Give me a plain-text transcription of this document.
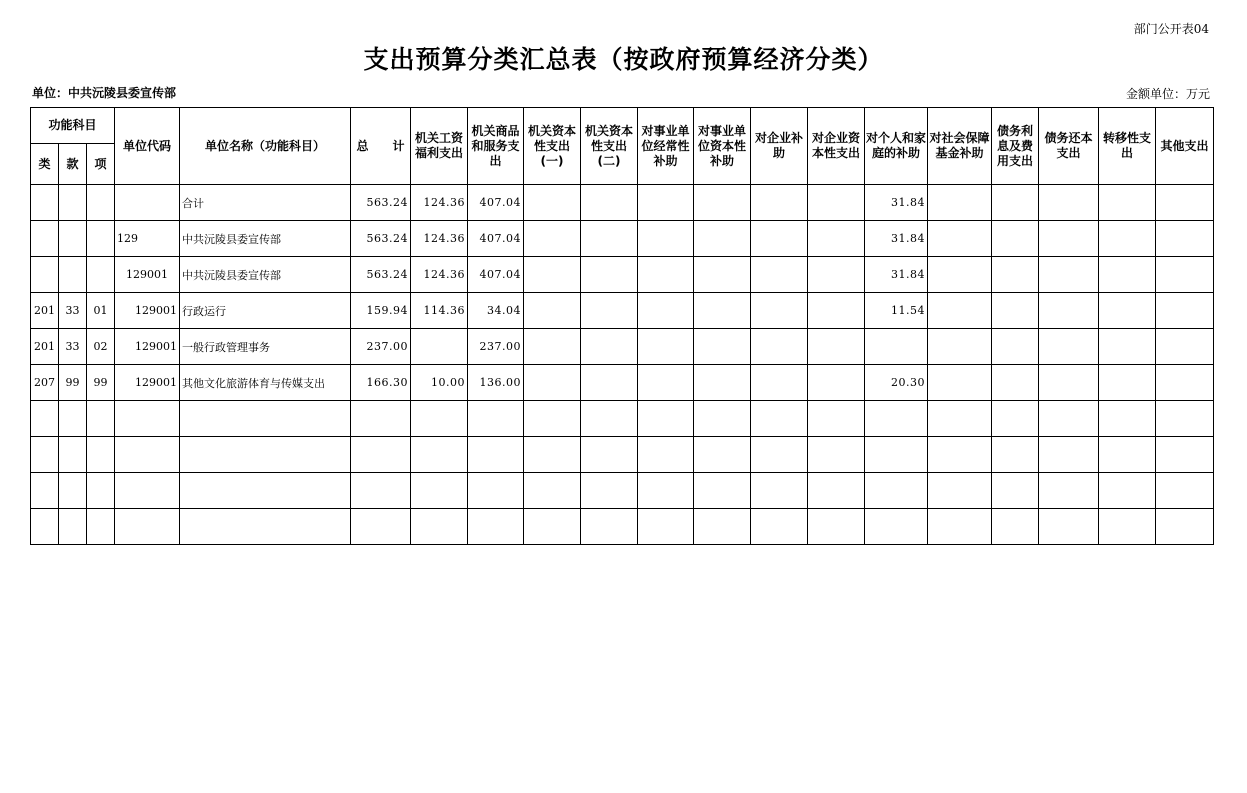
部门公开表04
支出预算分类汇总表（按政府预算经济分类）
单位：中共沅陵县委宣传部	金额单位：万元
功能科目			单位代码	单位名称（功能科目）	总　　计	机关工资福利支出	机关商品和服务支出	机关资本性支出(一)	机关资本性支出(二)	对事业单位经常性补助	对事业单位资本性补助	对企业补助	对企业资本性支出	对个人和家庭的补助	对社会保障基金补助	债务利息及费用支出	债务还本支出	转移性支出	其他支出
类	款	项																	
				合计	563.24	124.36	407.04							31.84					
			129	中共沅陵县委宣传部	563.24	124.36	407.04							31.84					
			129001	中共沅陵县委宣传部	563.24	124.36	407.04							31.84					
201	33	01	129001	行政运行	159.94	114.36	34.04							11.54					
201	33	02	129001	一般行政管理事务	237.00		237.00												
207	99	99	129001	其他文化旅游体育与传媒支出	166.30	10.00	136.00							20.30					
